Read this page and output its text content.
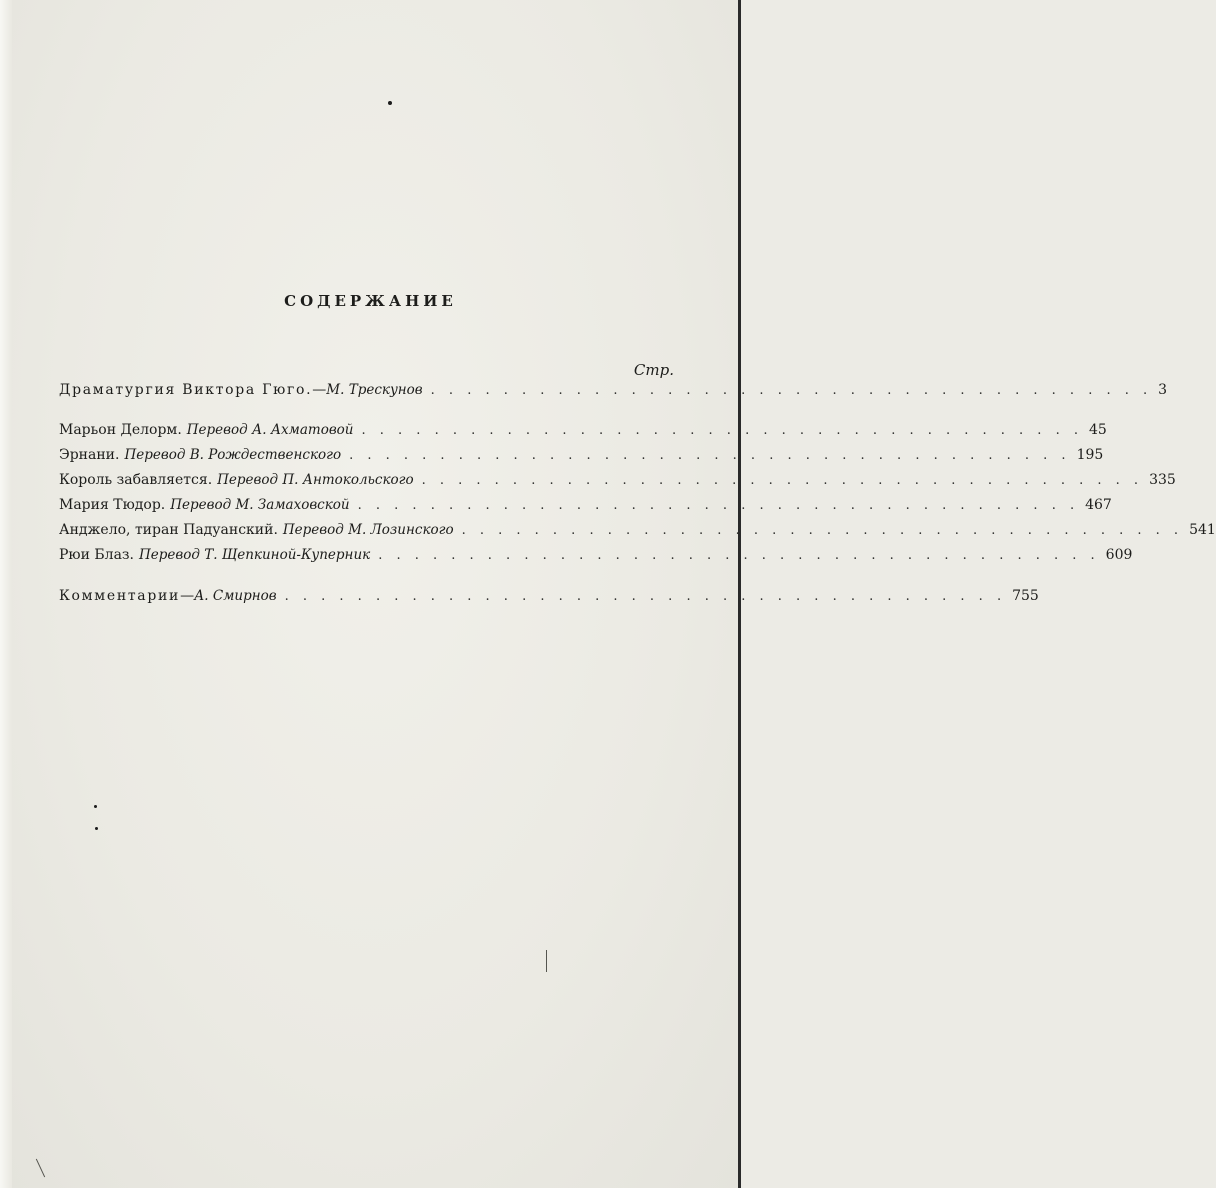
СОДЕРЖАНИЕ
Стр.
Драматургия Виктора Гюго. — М. Трескунов . . . . . . . . . . . . . . . . . . . . . . . . . . . . . . . . . . . . . . . . 3
Марьон Делорм. Перевод А. Ахматовой . . . . . . . . . . . . . . . . . . . . . . . . . . . . . . . . . . . . . . . . 45
Эрнани. Перевод В. Рождественского . . . . . . . . . . . . . . . . . . . . . . . . . . . . . . . . . . . . . . . . 195
Король забавляется. Перевод П. Антокольского . . . . . . . . . . . . . . . . . . . . . . . . . . . . . . . . . . . . . . . . 335
Мария Тюдор. Перевод М. Замаховской . . . . . . . . . . . . . . . . . . . . . . . . . . . . . . . . . . . . . . . . 467
Анджело, тиран Падуанский. Перевод М. Лозинского . . . . . . . . . . . . . . . . . . . . . . . . . . . . . . . . . . . . . . . . 541
Рюи Блаз. Перевод Т. Щепкиной-Куперник . . . . . . . . . . . . . . . . . . . . . . . . . . . . . . . . . . . . . . . . 609
Комментарии — А. Смирнов . . . . . . . . . . . . . . . . . . . . . . . . . . . . . . . . . . . . . . . . 755
